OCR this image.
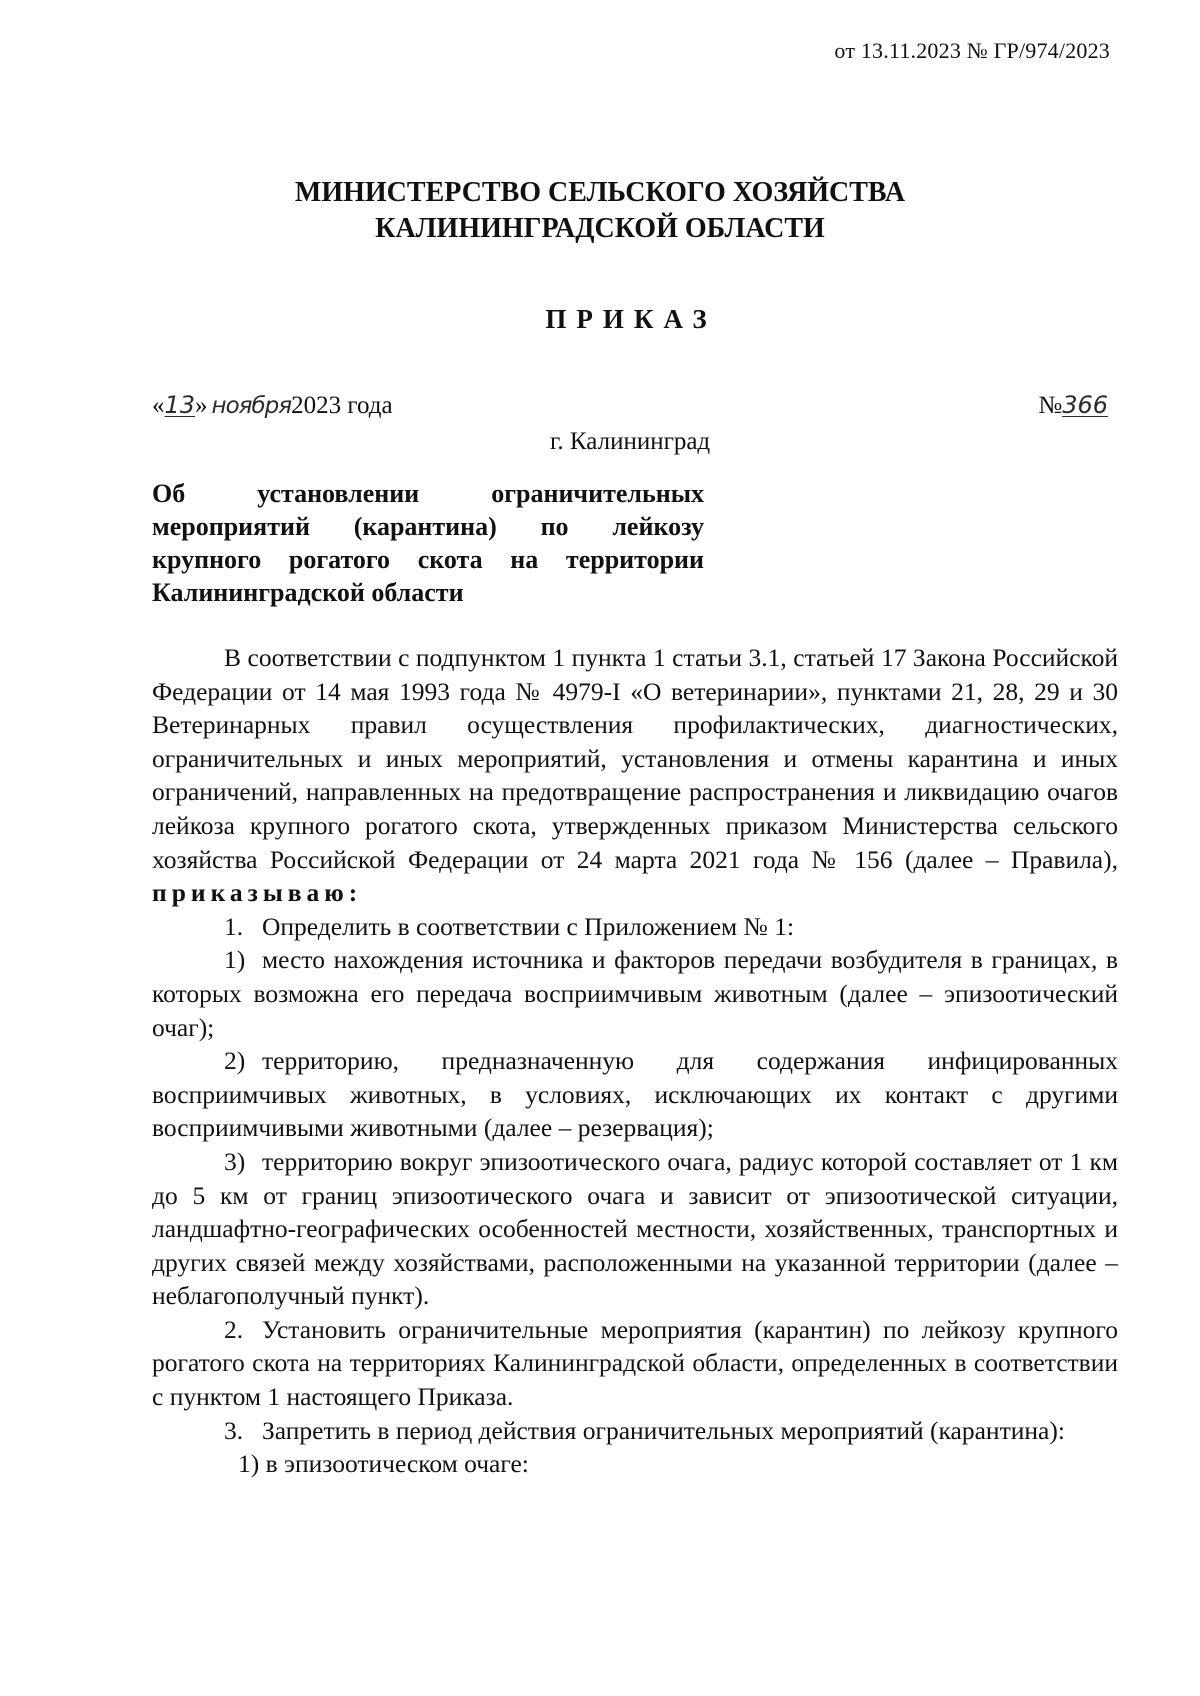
от 13.11.2023 № ГР/974/2023
МИНИСТЕРСТВО СЕЛЬСКОГО ХОЗЯЙСТВА
КАЛИНИНГРАДСКОЙ ОБЛАСТИ
ПРИКАЗ
«13» ноября2023 года	№366
г. Калининград
Об установлении ограничительных
мероприятий (карантина) по лейкозу
крупного рогатого скота на территории
Калининградской области

В соответствии с подпунктом 1 пункта 1 статьи 3.1, статьей 17 Закона Российской Федерации от 14 мая 1993 года № 4979-I «О ветеринарии», пунктами 21, 28, 29 и 30 Ветеринарных правил осуществления профилактических, диагностических, ограничительных и иных мероприятий, установления и отмены карантина и иных ограничений, направленных на предотвращение распространения и ликвидацию очагов лейкоза крупного рогатого скота, утвержденных приказом Министерства сельского хозяйства Российской Федерации от 24 марта 2021 года № 156 (далее – Правила), приказываю:

1. Определить в соответствии с Приложением № 1:

1) место нахождения источника и факторов передачи возбудителя в границах, в которых возможна его передача восприимчивым животным (далее – эпизоотический очаг);

2) территорию, предназначенную для содержания инфицированных восприимчивых животных, в условиях, исключающих их контакт с другими восприимчивыми животными (далее – резервация);

3) территорию вокруг эпизоотического очага, радиус которой составляет от 1 км до 5 км от границ эпизоотического очага и зависит от эпизоотической ситуации, ландшафтно-географических особенностей местности, хозяйственных, транспортных и других связей между хозяйствами, расположенными на указанной территории (далее – неблагополучный пункт).

2. Установить ограничительные мероприятия (карантин) по лейкозу крупного рогатого скота на территориях Калининградской области, определенных в соответствии с пунктом 1 настоящего Приказа.

3. Запретить в период действия ограничительных мероприятий (карантина):

1) в эпизоотическом очаге:
